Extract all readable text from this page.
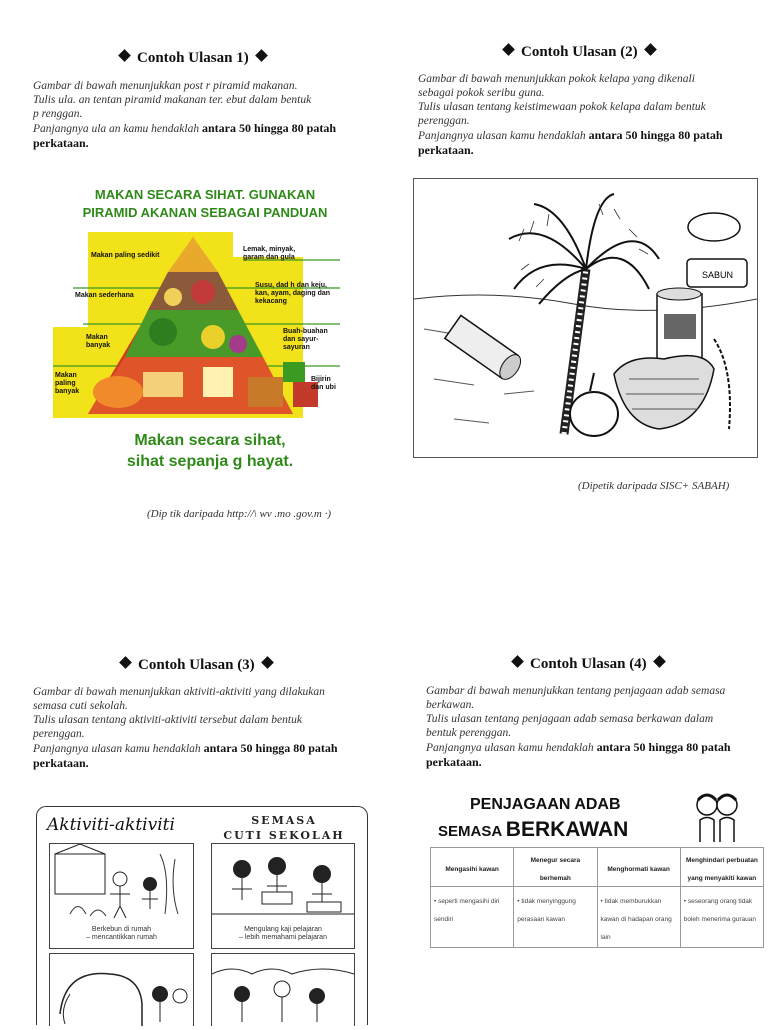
Contoh Ulasan 1)

Gambar di bawah menunjukkan post r piramid makanan.

Tulis ula. an tentan piramid makanan ter. ebut dalam bentuk

p renggan.

Panjangnya ula an kamu hendaklah antara 50 hingga 80 patah

perkataan.

MAKAN SECARA SIHAT. GUNAKAN
PIRAMID AKANAN SEBAGAI PANDUAN
Makan paling sedikit
Lemak, minyak, garam dan gula
Makan sederhana
Susu, dad h dan keju, kan, ayam, daging dan kekacang
Makan banyak
Buah-buahan dan sayur-sayuran
Makan paling banyak
Bijirin dan ubi
Makan secara sihat,
sihat sepanja g hayat.
(Dip tik daripada http://\ wv .mo .gov.m ·)
Contoh Ulasan (2)

Gambar di bawah menunjukkan pokok kelapa yang dikenali

sebagai pokok seribu guna.

Tulis ulasan tentang keistimewaan pokok kelapa dalam bentuk

perenggan.

Panjangnya ulasan kamu hendaklah antara 50 hingga 80 patah

perkataan.

SABUN
(Dipetik daripada SISC+ SABAH)
Contoh Ulasan (3)

Gambar di bawah menunjukkan aktiviti-aktiviti yang dilakukan

semasa cuti sekolah.

Tulis ulasan tentang aktiviti-aktiviti tersebut dalam bentuk

perenggan.

Panjangnya ulasan kamu hendaklah antara 50 hingga 80 patah

perkataan.

Aktiviti-aktiviti	SEMASA
CUTI SEKOLAH
Berkebun di rumah
– mencantikkan rumah
Mengulang kaji pelajaran
– lebih memahami pelajaran
Contoh Ulasan (4)

Gambar di bawah menunjukkan tentang penjagaan adab semasa

berkawan.

Tulis ulasan tentang penjagaan adab semasa berkawan dalam

bentuk perenggan.

Panjangnya ulasan kamu hendaklah antara 50 hingga 80 patah

perkataan.

PENJAGAAN ADAB
SEMASA BERKAWAN
Mengasihi kawan	Menegur secara berhemah	Menghormati kawan	Menghindari perbuatan yang menyakiti kawan
• seperti mengasihi diri sendiri	• tidak menyinggung perasaan kawan	• tidak memburukkan kawan di hadapan orang lain	• seseorang orang tidak boleh menerima gurauan
